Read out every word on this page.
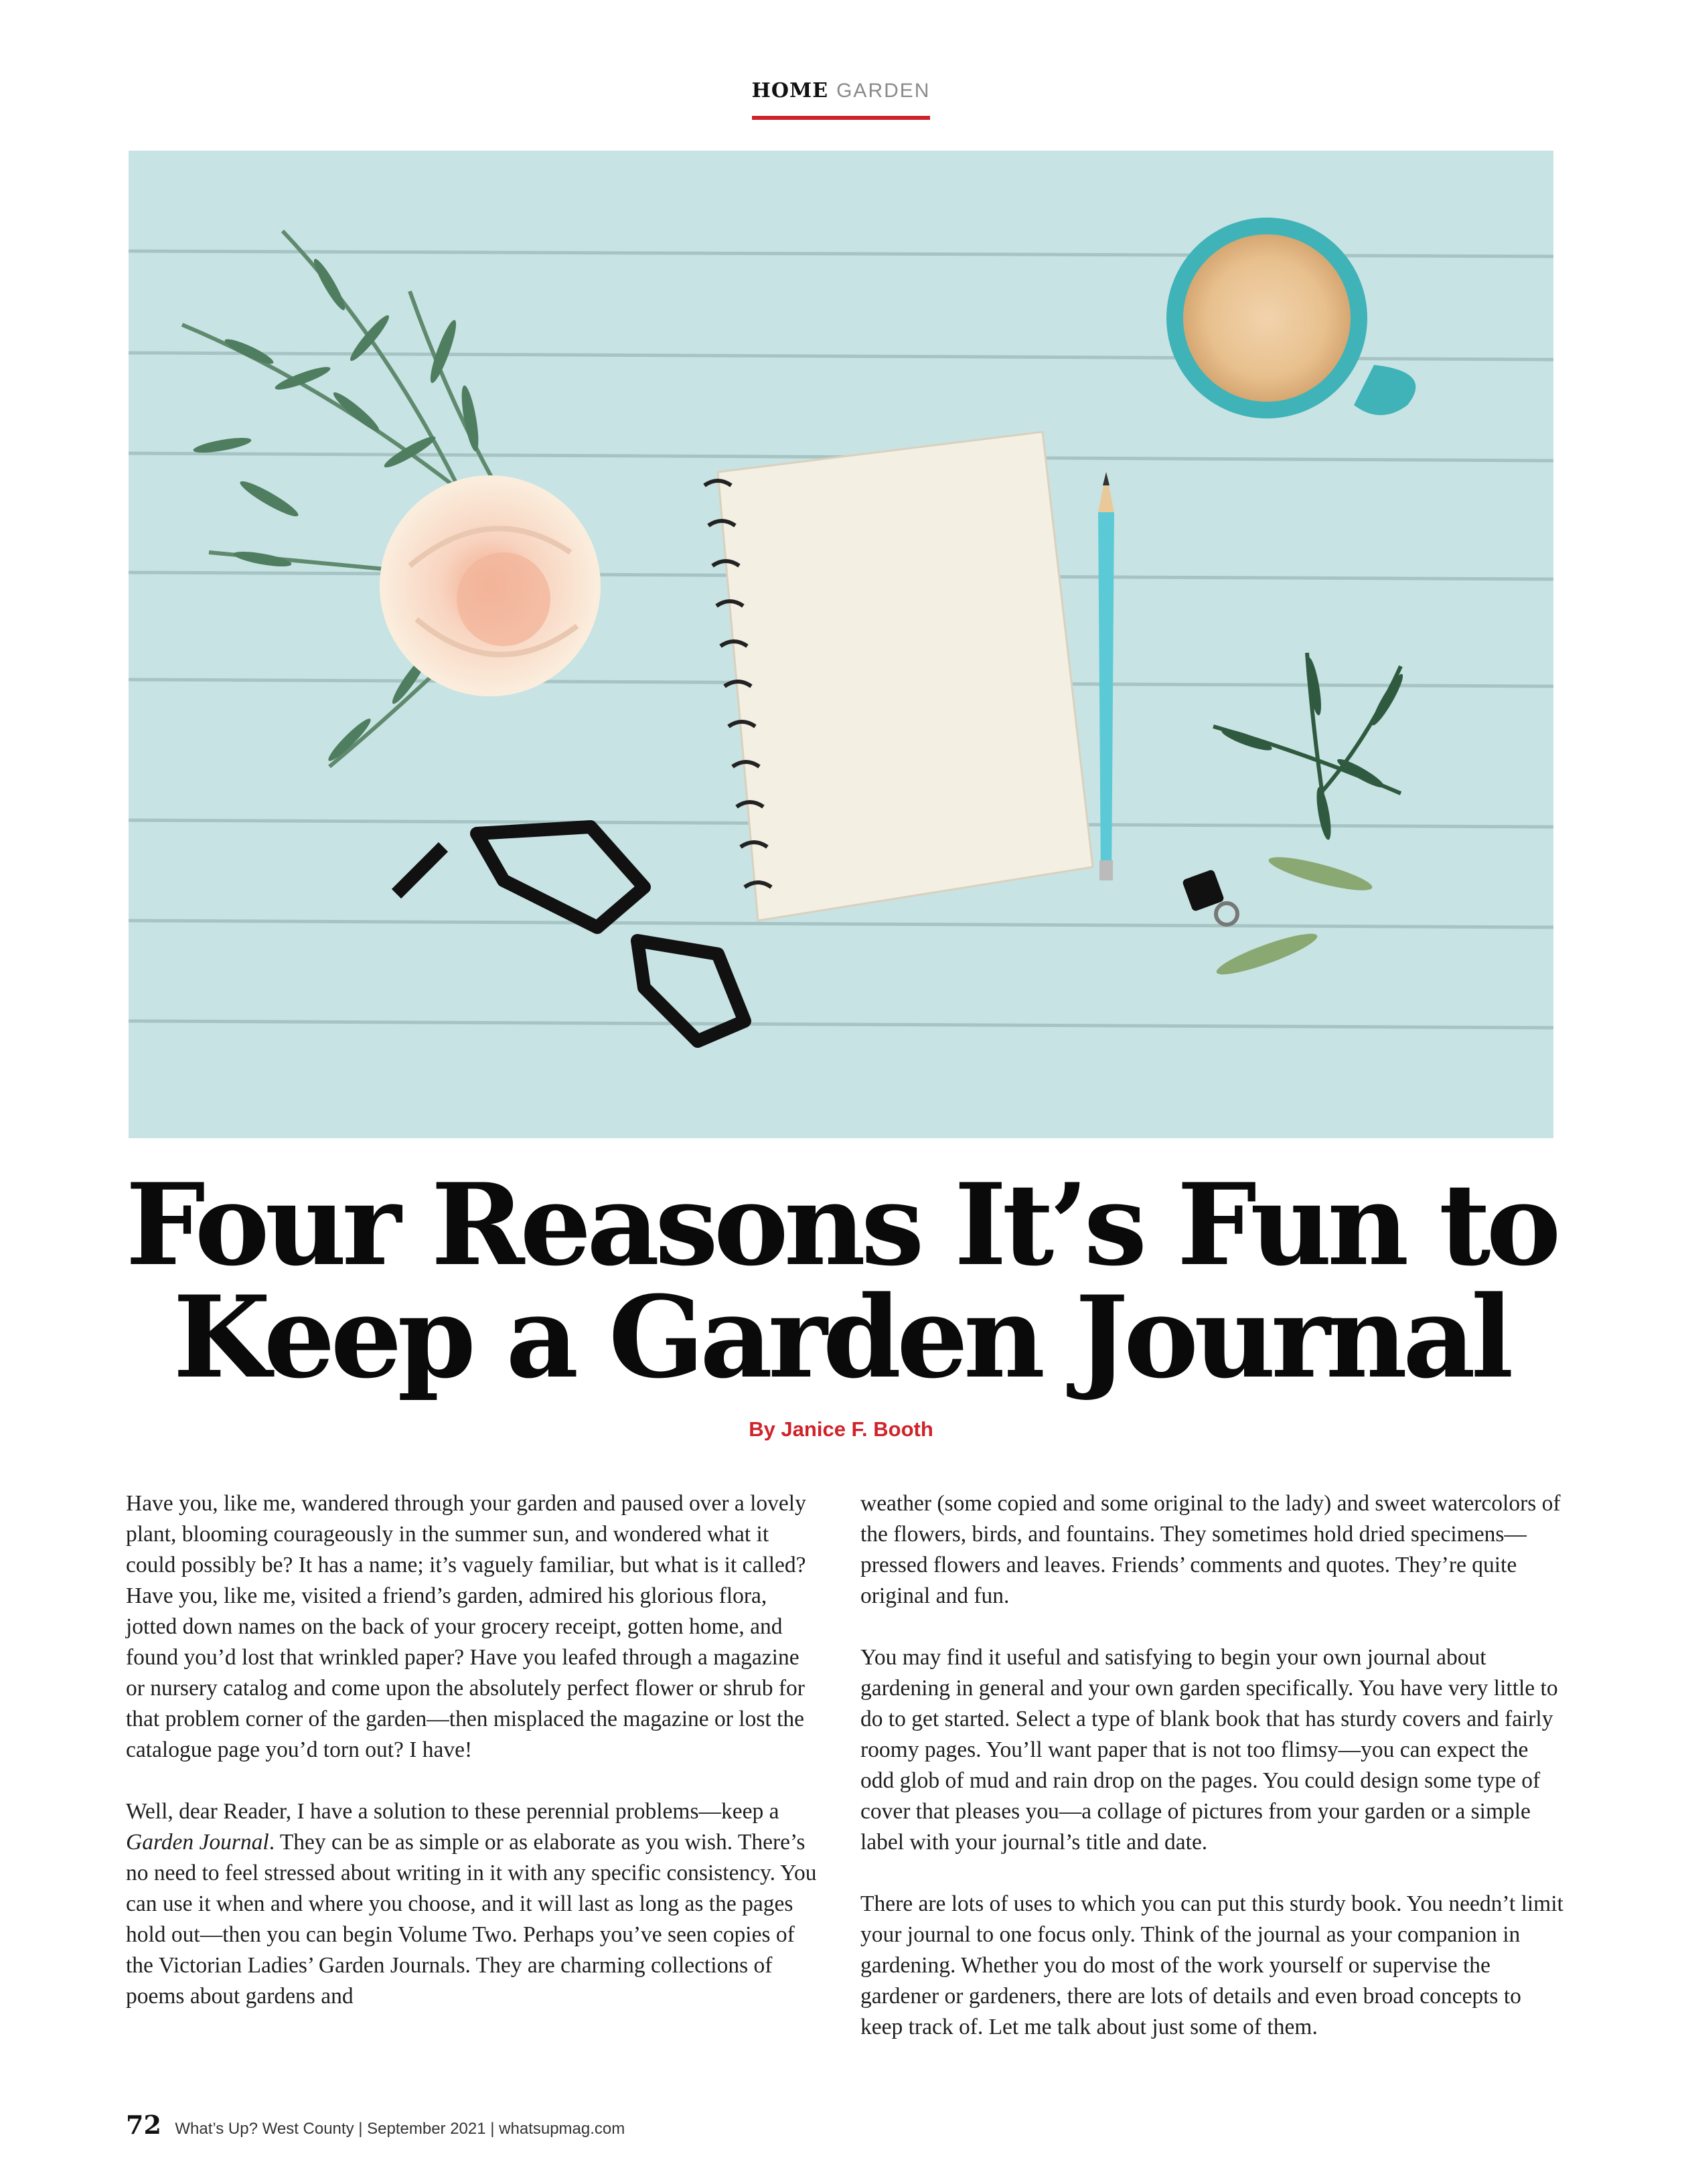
HOME GARDEN
Four Reasons It’s Fun to
Keep a Garden Journal
By Janice F. Booth

Have you, like me, wandered through your garden and paused over a lovely plant, blooming courageously in the summer sun, and wondered what it could possibly be? It has a name; it’s vaguely familiar, but what is it called? Have you, like me, visited a friend’s garden, admired his glorious flora, jotted down names on the back of your grocery receipt, gotten home, and found you’d lost that wrinkled paper? Have you leafed through a magazine or nursery catalog and come upon the absolutely perfect flower or shrub for that problem corner of the garden—then misplaced the magazine or lost the catalogue page you’d torn out? I have!

Well, dear Reader, I have a solution to these perennial problems—keep a Garden Journal. They can be as simple or as elaborate as you wish. There’s no need to feel stressed about writing in it with any specific consistency. You can use it when and where you choose, and it will last as long as the pages hold out—then you can begin Volume Two. Perhaps you’ve seen copies of the Victorian Ladies’ Garden Journals. They are charming collections of poems about gardens and

weather (some copied and some original to the lady) and sweet watercolors of the flowers, birds, and fountains. They sometimes hold dried specimens—pressed flowers and leaves. Friends’ comments and quotes. They’re quite original and fun.

You may find it useful and satisfying to begin your own journal about gardening in general and your own garden specifically. You have very little to do to get started. Select a type of blank book that has sturdy covers and fairly roomy pages. You’ll want paper that is not too flimsy—you can expect the odd glob of mud and rain drop on the pages. You could design some type of cover that pleases you—a collage of pictures from your garden or a simple label with your journal’s title and date.

There are lots of uses to which you can put this sturdy book. You needn’t limit your journal to one focus only. Think of the journal as your companion in gardening. Whether you do most of the work yourself or supervise the gardener or gardeners, there are lots of details and even broad concepts to keep track of. Let me talk about just some of them.

72 What’s Up? West County | September 2021 | whatsupmag.com
